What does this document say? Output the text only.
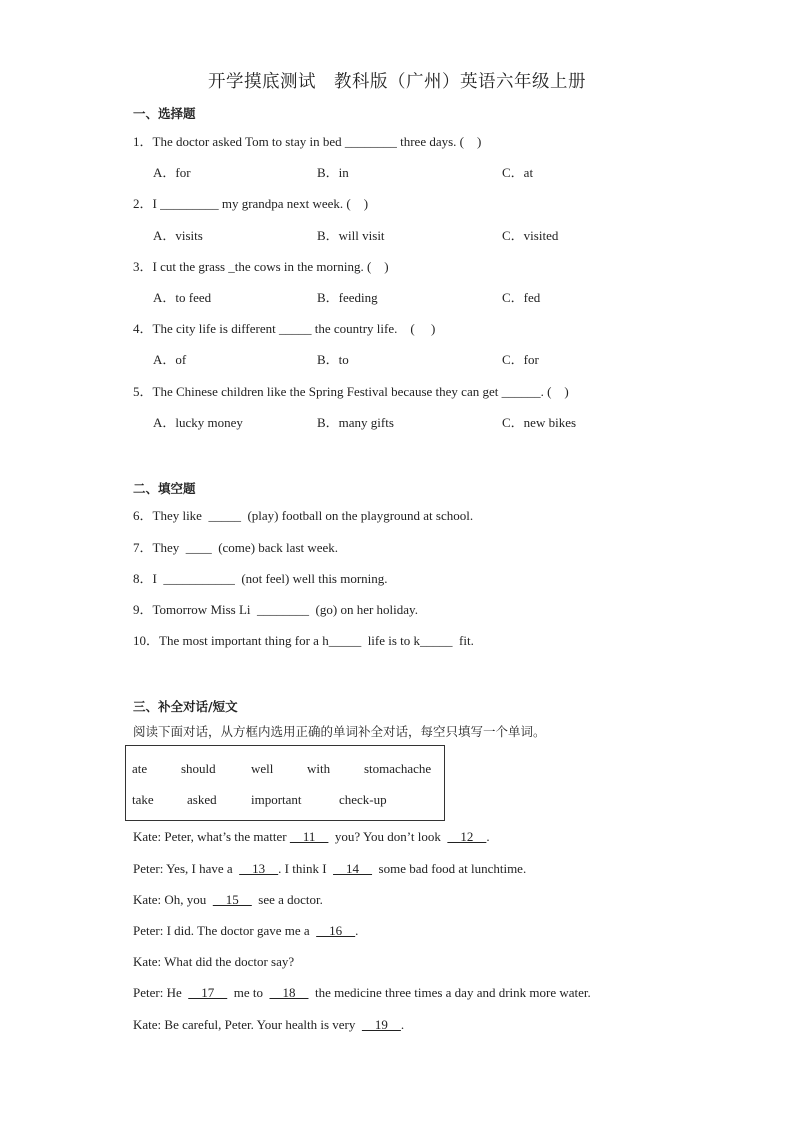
开学摸底测试　教科版（广州）英语六年级上册
一、选择题
1．The doctor asked Tom to stay in bed ________ three days. (    )
A．for	B．in	C．at
2．I _________ my grandpa next week. (    )
A．visits	B．will visit	C．visited
3．I cut the grass _the cows in the morning. (    )
A．to feed	B．feeding	C．fed
4．The city life is different _____ the country life.    (     )
A．of	B．to	C．for
5．The Chinese children like the Spring Festival because they can get ______. (    )
A．lucky money	B．many gifts	C．new bikes
二、填空题
6．They like  _____  (play) football on the playground at school.
7．They  ____  (come) back last week.
8．I  ___________  (not feel) well this morning.
9．Tomorrow Miss Li  ________  (go) on her holiday.
10．The most important thing for a h_____  life is to k_____  fit.
三、补全对话/短文
阅读下面对话，从方框内选用正确的单词补全对话，每空只填写一个单词。
ate	should	well	with	stomachache
take	asked	important	check-up
Kate: Peter, what’s the matter     11      you? You don’t look      12    .
Peter: Yes, I have a      13    . I think I      14      some bad food at lunchtime.
Kate: Oh, you      15      see a doctor.
Peter: I did. The doctor gave me a      16    .
Kate: What did the doctor say?
Peter: He      17      me to      18      the medicine three times a day and drink more water.
Kate: Be careful, Peter. Your health is very      19    .
